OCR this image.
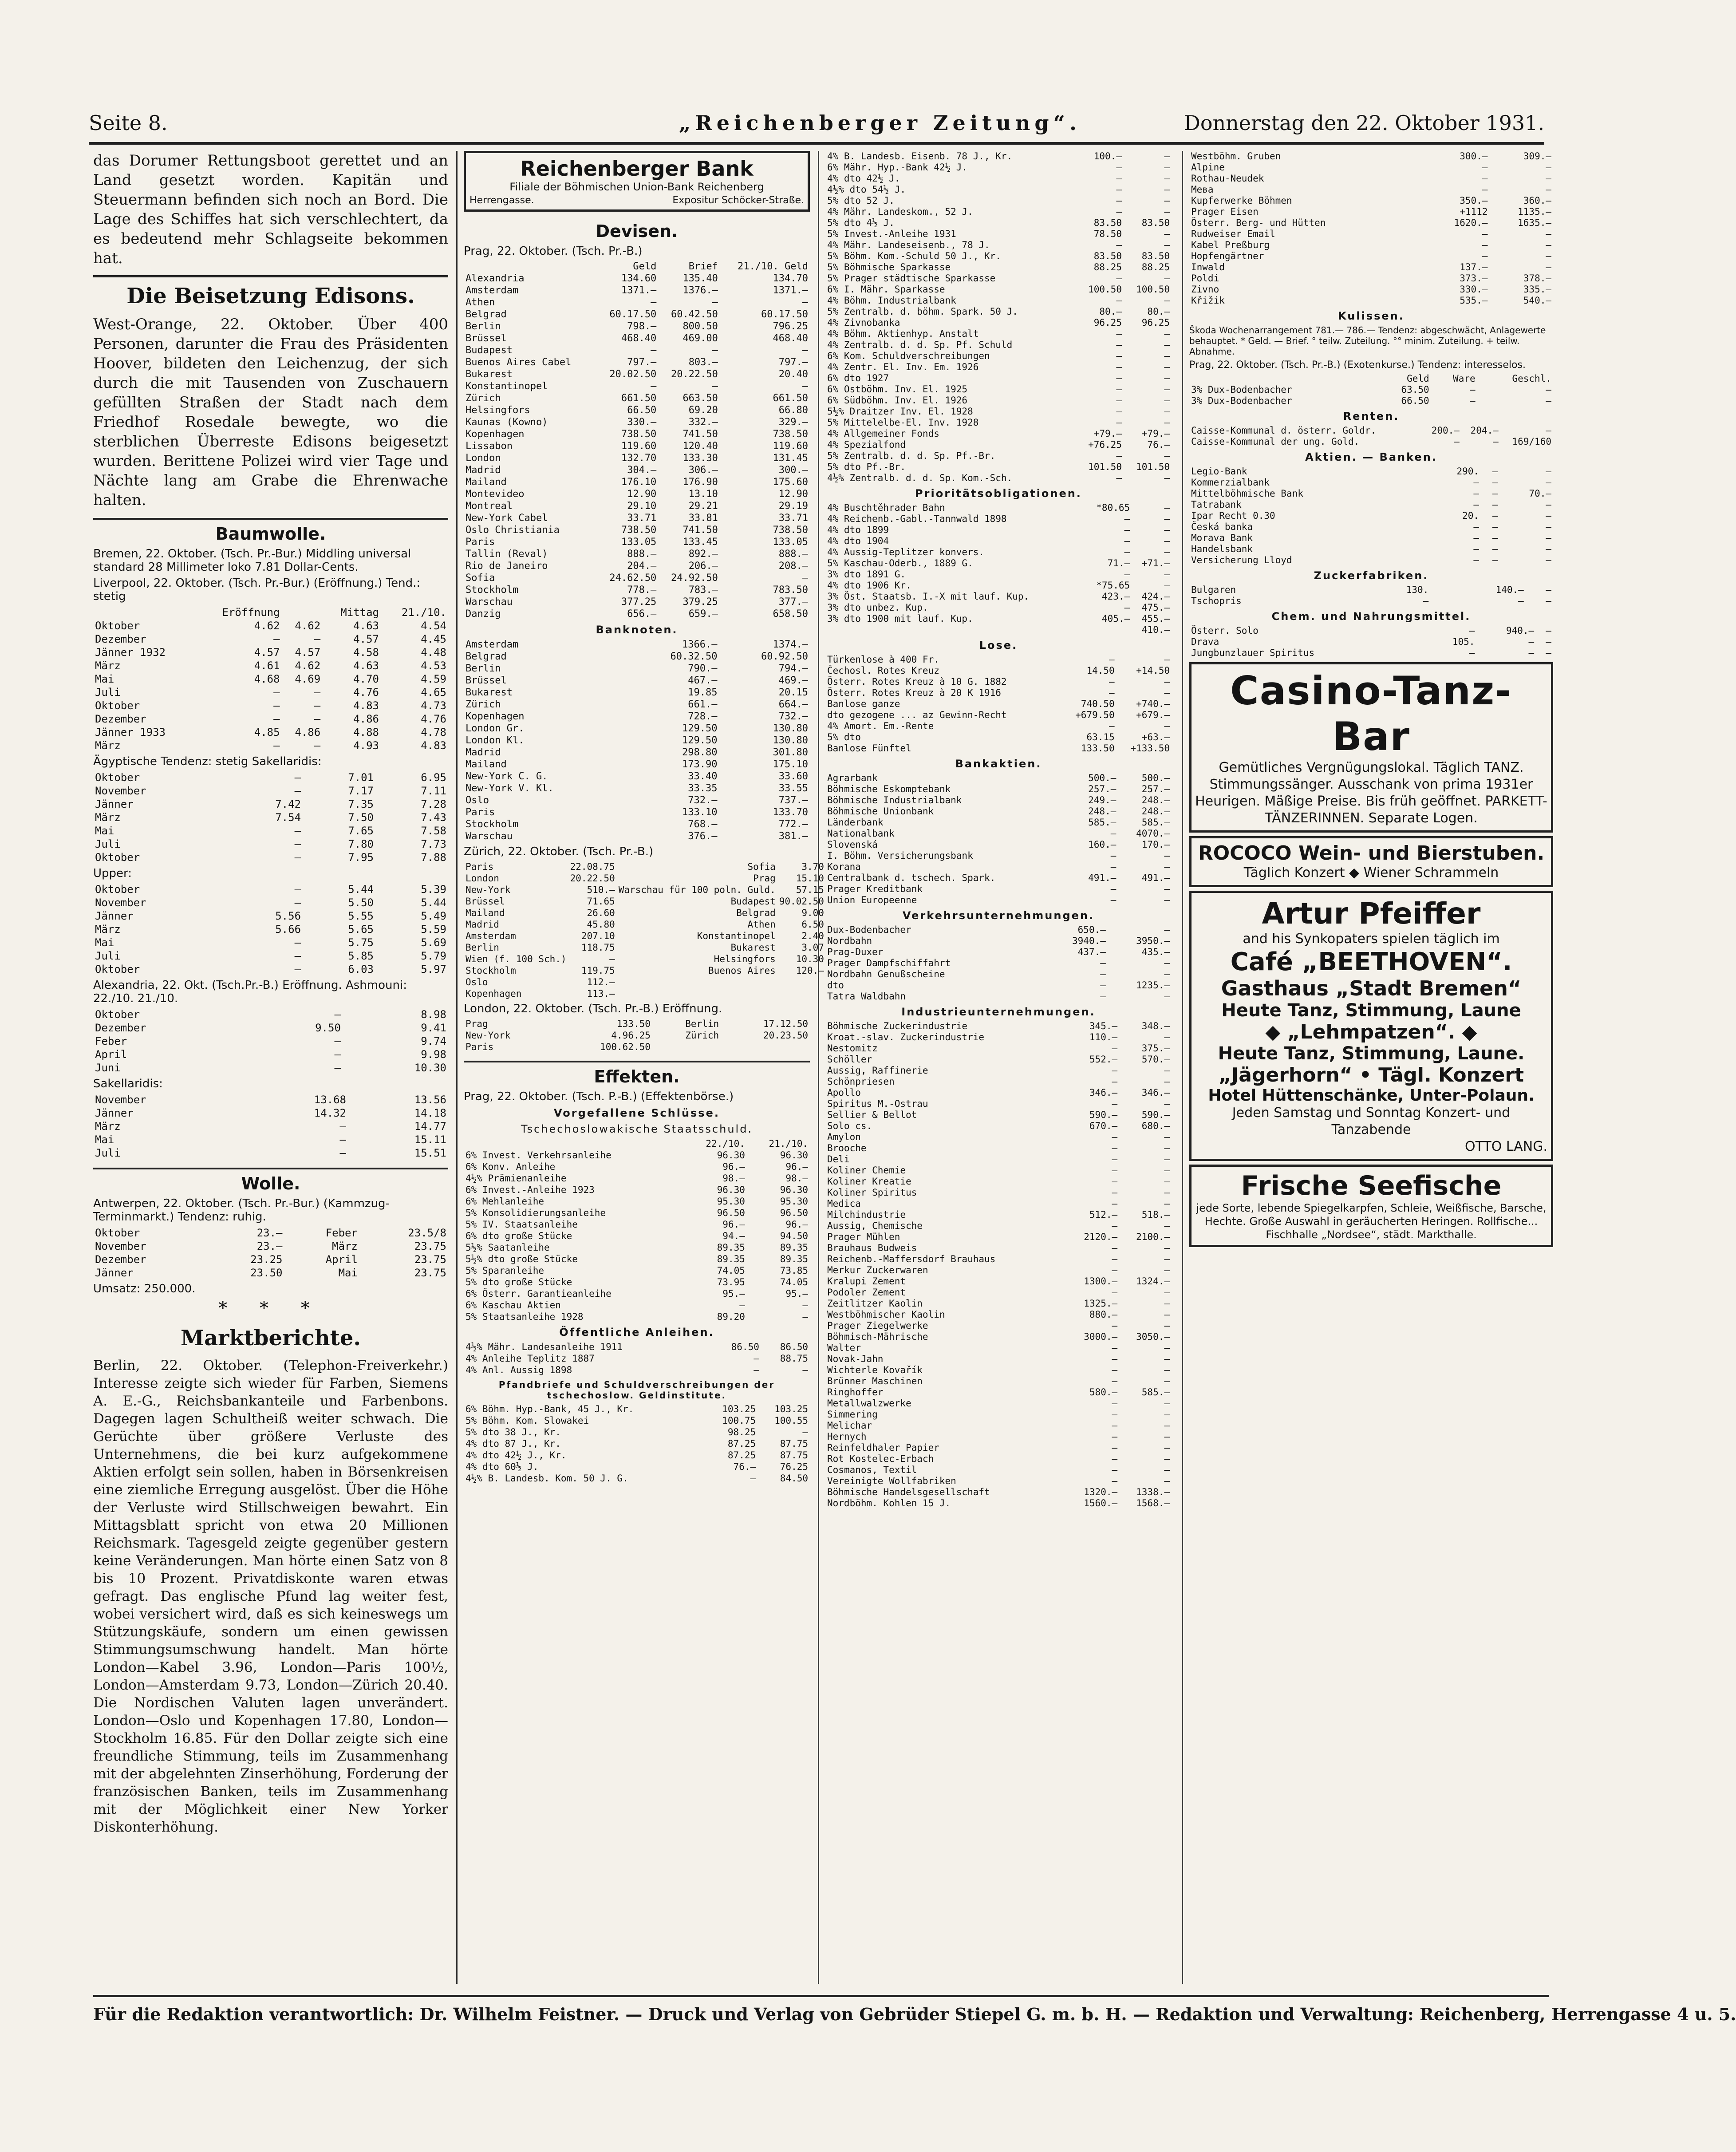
Seite 8.	„Reichenberger Zeitung“.	Donnerstag den 22. Oktober 1931.

das Dorumer Rettungsboot gerettet und an Land gesetzt worden. Kapitän und Steuermann befinden sich noch an Bord. Die Lage des Schiffes hat sich verschlechtert, da es bedeutend mehr Schlagseite bekommen hat.

Die Beisetzung Edisons.

West-Orange, 22. Oktober. Über 400 Personen, darunter die Frau des Präsidenten Hoover, bildeten den Leichenzug, der sich durch die mit Tausenden von Zuschauern gefüllten Straßen der Stadt nach dem Friedhof Rosedale bewegte, wo die sterblichen Überreste Edisons beigesetzt wurden. Berittene Polizei wird vier Tage und Nächte lang am Grabe die Ehrenwache halten.

Baumwolle.
Bremen, 22. Oktober. (Tsch. Pr.-Bur.) Middling universal standard 28 Millimeter loko 7.81 Dollar-Cents.
Liverpool, 22. Oktober. (Tsch. Pr.-Bur.) (Eröffnung.) Tend.: stetig
	Eröffnung		Mittag	21./10.
Oktober	4.62	4.62	4.63	4.54
Dezember	—	—	4.57	4.45
Jänner 1932	4.57	4.57	4.58	4.48
März	4.61	4.62	4.63	4.53
Mai	4.68	4.69	4.70	4.59
Juli	—	—	4.76	4.65
Oktober	—	—	4.83	4.73
Dezember	—	—	4.86	4.76
Jänner 1933	4.85	4.86	4.88	4.78
März	—	—	4.93	4.83
Ägyptische Tendenz: stetig Sakellaridis:
Oktober	—	7.01	6.95
November	—	7.17	7.11
Jänner	7.42	7.35	7.28
März	7.54	7.50	7.43
Mai	—	7.65	7.58
Juli	—	7.80	7.73
Oktober	—	7.95	7.88
Upper:
Oktober	—	5.44	5.39
November	—	5.50	5.44
Jänner	5.56	5.55	5.49
März	5.66	5.65	5.59
Mai	—	5.75	5.69
Juli	—	5.85	5.79
Oktober	—	6.03	5.97
Alexandria, 22. Okt. (Tsch.Pr.-B.) Eröffnung. Ashmouni: 22./10. 21./10.
Oktober	—	8.98
Dezember	9.50	9.41
Feber	—	9.74
April	—	9.98
Juni	—	10.30
Sakellaridis:
November	13.68	13.56
Jänner	14.32	14.18
März	—	14.77
Mai	—	15.11
Juli	—	15.51
Wolle.
Antwerpen, 22. Oktober. (Tsch. Pr.-Bur.) (Kammzug-Terminmarkt.) Tendenz: ruhig.
Oktober	23.—	Feber	23.5/8
November	23.—	März	23.75
Dezember	23.25	April	23.75
Jänner	23.50	Mai	23.75
Umsatz: 250.000.
* * *
Marktberichte.

Berlin, 22. Oktober. (Telephon-Freiverkehr.) Interesse zeigte sich wieder für Farben, Siemens A. E.-G., Reichsbankanteile und Farbenbons. Dagegen lagen Schultheiß weiter schwach. Die Gerüchte über größere Verluste des Unternehmens, die bei kurz aufgekommene Aktien erfolgt sein sollen, haben in Börsenkreisen eine ziemliche Erregung ausgelöst. Über die Höhe der Verluste wird Stillschweigen bewahrt. Ein Mittagsblatt spricht von etwa 20 Millionen Reichsmark. Tagesgeld zeigte gegenüber gestern keine Veränderungen. Man hörte einen Satz von 8 bis 10 Prozent. Privatdiskonte waren etwas gefragt. Das englische Pfund lag weiter fest, wobei versichert wird, daß es sich keineswegs um Stützungskäufe, sondern um einen gewissen Stimmungsumschwung handelt. Man hörte London—Kabel 3.96, London—Paris 100½, London—Amsterdam 9.73, London—Zürich 20.40. Die Nordischen Valuten lagen unverändert. London—Oslo und Kopenhagen 17.80, London—Stockholm 16.85. Für den Dollar zeigte sich eine freundliche Stimmung, teils im Zusammenhang mit der abgelehnten Zinserhöhung, Forderung der französischen Banken, teils im Zusammenhang mit der Möglichkeit einer New Yorker Diskonterhöhung.

Reichenberger Bank
Filiale der Böhmischen Union-Bank Reichenberg
Herrengasse.	Expositur Schöcker-Straße.
Devisen.
Prag, 22. Oktober. (Tsch. Pr.-B.)
	Geld	Brief	21./10. Geld
Alexandria	134.60	135.40	134.70
Amsterdam	1371.—	1376.—	1371.—
Athen	—	—	—
Belgrad	60.17.50	60.42.50	60.17.50
Berlin	798.—	800.50	796.25
Brüssel	468.40	469.00	468.40
Budapest	—	—	—
Buenos Aires Cabel	797.—	803.—	797.—
Bukarest	20.02.50	20.22.50	20.40
Konstantinopel	—	—	—
Zürich	661.50	663.50	661.50
Helsingfors	66.50	69.20	66.80
Kaunas (Kowno)	330.—	332.—	329.—
Kopenhagen	738.50	741.50	738.50
Lissabon	119.60	120.40	119.60
London	132.70	133.30	131.45
Madrid	304.—	306.—	300.—
Mailand	176.10	176.90	175.60
Montevideo	12.90	13.10	12.90
Montreal	29.10	29.21	29.19
New-York Cabel	33.71	33.81	33.71
Oslo Christiania	738.50	741.50	738.50
Paris	133.05	133.45	133.05
Tallin (Reval)	888.—	892.—	888.—
Rio de Janeiro	204.—	206.—	208.—
Sofia	24.62.50	24.92.50	—
Stockholm	778.—	783.—	783.50
Warschau	377.25	379.25	377.—
Danzig	656.—	659.—	658.50
Banknoten.
Amsterdam	1366.—	1374.—
Belgrad	60.32.50	60.92.50
Berlin	790.—	794.—
Brüssel	467.—	469.—
Bukarest	19.85	20.15
Zürich	661.—	664.—
Kopenhagen	728.—	732.—
London Gr.	129.50	130.80
London Kl.	129.50	130.80
Madrid	298.80	301.80
Mailand	173.90	175.10
New-York C. G.	33.40	33.60
New-York V. Kl.	33.35	33.55
Oslo	732.—	737.—
Paris	133.10	133.70
Stockholm	768.—	772.—
Warschau	376.—	381.—
Zürich, 22. Oktober. (Tsch. Pr.-B.)
Paris	22.08.75	Sofia	3.70
London	20.22.50	Prag	15.10
New-York	510.—	Warschau für 100 poln. Guld.	57.15
Brüssel	71.65	Budapest	90.02.50
Mailand	26.60	Belgrad	9.00
Madrid	45.80	Athen	6.50
Amsterdam	207.10	Konstantinopel	2.40
Berlin	118.75	Bukarest	3.07
Wien (f. 100 Sch.)	—	Helsingfors	10.30
Stockholm	119.75	Buenos Aires	120.—
Oslo	112.—		
Kopenhagen	113.—		
London, 22. Oktober. (Tsch. Pr.-B.) Eröffnung.
Prag	133.50	Berlin	17.12.50
New-York	4.96.25	Zürich	20.23.50
Paris	100.62.50		
Effekten.
Prag, 22. Oktober. (Tsch. P.-B.) (Effektenbörse.)
Vorgefallene Schlüsse.
Tschechoslowakische Staatsschuld.
	22./10.	21./10.
6% Invest. Verkehrsanleihe	96.30	96.30
6% Konv. Anleihe	96.—	96.—
4½% Prämienanleihe	98.—	98.—
6% Invest.-Anleihe 1923	96.30	96.30
6% Mehlanleihe	95.30	95.30
5% Konsolidierungsanleihe	96.50	96.50
5% IV. Staatsanleihe	96.—	96.—
6% dto große Stücke	94.—	94.50
5½% Saatanleihe	89.35	89.35
5½% dto große Stücke	89.35	89.35
5% Sparanleihe	74.05	73.85
5% dto große Stücke	73.95	74.05
6% Österr. Garantieanleihe	95.—	95.—
6% Kaschau Aktien	—	—
5% Staatsanleihe 1928	89.20	—
Öffentliche Anleihen.
4½% Mähr. Landesanleihe 1911	86.50	86.50
4% Anleihe Teplitz 1887	—	88.75
4% Anl. Aussig 1898	—	—
Pfandbriefe und Schuldverschreibungen der tschechoslow. Geldinstitute.
6% Böhm. Hyp.-Bank, 45 J., Kr.	103.25	103.25
5% Böhm. Kom. Slowakei	100.75	100.55
5% dto 38 J., Kr.	98.25	—
4% dto 87 J., Kr.	87.25	87.75
4% dto 42½ J., Kr.	87.25	87.75
4% dto 60½ J.	76.—	76.25
4½% B. Landesb. Kom. 50 J. G.	—	84.50
4% B. Landesb. Eisenb. 78 J., Kr.	100.—	—
6% Mähr. Hyp.-Bank 42½ J.	—	—
4% dto 42½ J.	—	—
4½% dto 54½ J.	—	—
5% dto 52 J.	—	—
4% Mähr. Landeskom., 52 J.	—	—
5% dto 4½ J.	83.50	83.50
5% Invest.-Anleihe 1931	78.50	—
4% Mähr. Landeseisenb., 78 J.	—	—
5% Böhm. Kom.-Schuld 50 J., Kr.	83.50	83.50
5% Böhmische Sparkasse	88.25	88.25
5% Prager städtische Sparkasse	—	—
6% I. Mähr. Sparkasse	100.50	100.50
4% Böhm. Industrialbank	—	—
5% Zentralb. d. böhm. Spark. 50 J.	80.—	80.—
4% Zivnobanka	96.25	96.25
4% Böhm. Aktienhyp. Anstalt	—	—
4% Zentralb. d. d. Sp. Pf. Schuld	—	—
6% Kom. Schuldverschreibungen	—	—
4% Zentr. El. Inv. Em. 1926	—	—
6% dto 1927	—	—
6% Ostböhm. Inv. El. 1925	—	—
6% Südböhm. Inv. El. 1926	—	—
5½% Draitzer Inv. El. 1928	—	—
5% Mittelelbe-El. Inv. 1928	—	—
4% Allgemeiner Fonds	+79.—	+79.—
4% Spezialfond	+76.25	76.—
5% Zentralb. d. d. Sp. Pf.-Br.	—	—
5% dto Pf.-Br.	101.50	101.50
4½% Zentralb. d. d. Sp. Kom.-Sch.	—	—
Prioritätsobligationen.
4% Buschtěhrader Bahn	*80.65	—
4% Reichenb.-Gabl.-Tannwald 1898	—	—
4% dto 1899	—	—
4% dto 1904	—	—
4% Aussig-Teplitzer konvers.	—	—
5% Kaschau-Oderb., 1889 G.	71.—	+71.—
3% dto 1891 G.	—	—
4% dto 1906 Kr.	*75.65	—
3% Öst. Staatsb. I.-X mit lauf. Kup.	423.—	424.—
3% dto unbez. Kup.	—	475.—
3% dto 1900 mit lauf. Kup.	405.—	455.—
		410.—
Lose.
Türkenlose à 400 Fr.	—	—
Čechosl. Rotes Kreuz	14.50	+14.50
Österr. Rotes Kreuz à 10 G. 1882	—	—
Österr. Rotes Kreuz à 20 K 1916	—	—
Banlose ganze	740.50	+740.—
dto gezogene ... az Gewinn-Recht	+679.50	+679.—
4% Amort. Em.-Rente	—	—
5% dto	63.15	+63.—
Banlose Fünftel	133.50	+133.50
Bankaktien.
Agrarbank	500.—	500.—
Böhmische Eskomptebank	257.—	257.—
Böhmische Industrialbank	249.—	248.—
Böhmische Unionbank	248.—	248.—
Länderbank	585.—	585.—
Nationalbank	—	4070.—
Slovenská	160.—	170.—
I. Böhm. Versicherungsbank	—	—
Korana	—	—
Centralbank d. tschech. Spark.	491.—	491.—
Prager Kreditbank	—	—
Union Europeenne	—	—
Verkehrsunternehmungen.
Dux-Bodenbacher	650.—	—
Nordbahn	3940.—	3950.—
Prag-Duxer	437.—	435.—
Prager Dampfschiffahrt	—	—
Nordbahn Genußscheine	—	—
dto	—	1235.—
Tatra Waldbahn	—	—
Industrieunternehmungen.
Böhmische Zuckerindustrie	345.—	348.—
Kroat.-slav. Zuckerindustrie	110.—	—
Nestomitz	—	375.—
Schöller	552.—	570.—
Aussig, Raffinerie	—	—
Schönpriesen	—	—
Apollo	346.—	346.—
Spiritus M.-Ostrau	—	—
Sellier & Bellot	590.—	590.—
Solo cs.	670.—	680.—
Amylon	—	—
Brooche	—	—
Deli	—	—
Koliner Chemie	—	—
Koliner Kreatie	—	—
Koliner Spiritus	—	—
Medica	—	—
Milchindustrie	512.—	518.—
Aussig, Chemische	—	—
Prager Mühlen	2120.—	2100.—
Brauhaus Budweis	—	—
Reichenb.-Maffersdorf Brauhaus	—	—
Merkur Zuckerwaren	—	—
Kralupi Zement	1300.—	1324.—
Podoler Zement	—	—
Zeitlitzer Kaolin	1325.—	—
Westböhmischer Kaolin	880.—	—
Prager Ziegelwerke	—	—
Böhmisch-Mährische	3000.—	3050.—
Walter	—	—
Novak-Jahn	—	—
Wichterle Kovařík	—	—
Brünner Maschinen	—	—
Ringhoffer	580.—	585.—
Metallwalzwerke	—	—
Simmering	—	—
Melichar	—	—
Hernych	—	—
Reinfeldhaler Papier	—	—
Rot Kostelec-Erbach	—	—
Cosmanos, Textil	—	—
Vereinigte Wollfabriken	—	—
Böhmische Handelsgesellschaft	1320.—	1338.—
Nordböhm. Kohlen 15 J.	1560.—	1568.—
Westböhm. Gruben	300.—	309.—
Alpine	—	—
Rothau-Neudek	—	—
Mева	—	—
Kupferwerke Böhmen	350.—	360.—
Prager Eisen	+1112	1135.—
Österr. Berg- und Hütten	1620.—	1635.—
Rudweiser Email	—	—
Kabel Preßburg	—	—
Hopfengärtner	—	—
Inwald	137.—	—
Poldi	373.—	378.—
Zivno	330.—	335.—
Křižik	535.—	540.—
Kulissen.
Škoda Wochenarrangement 781.— 786.— Tendenz: abgeschwächt, Anlagewerte behauptet. * Geld. — Brief. ° teilw. Zuteilung. °° minim. Zuteilung. + teilw. Abnahme.
Prag, 22. Oktober. (Tsch. Pr.-B.) (Exotenkurse.) Tendenz: interesselos.
	Geld	Ware	Geschl.
3% Dux-Bodenbacher	63.50	—	—
3% Dux-Bodenbacher	66.50	—	—
Renten.
Caisse-Kommunal d. österr. Goldr.	200.—	204.—	—
Caisse-Kommunal der ung. Gold.	—	—	169/160
Aktien. — Banken.
Legio-Bank	290.	—	—
Kommerzialbank	—	—	—
Mittelböhmische Bank	—	—	70.—
Tatrabank	—	—	—
Ipar Recht 0.30	20.	—	—
Česká banka	—	—	—
Morava Bank	—	—	—
Handelsbank	—	—	—
Versicherung Lloyd	—	—	—
Zuckerfabriken.
Bulgaren	130.	140.—	—
Tschopris	—	—	—
Chem. und Nahrungsmittel.
Österr. Solo	—	940.—	—
Drava	105.	—	—
Jungbunzlauer Spiritus	—	—	—
Casino-Tanz-Bar
Gemütliches Vergnügungslokal. Täglich TANZ. Stimmungssänger. Ausschank von prima 1931er Heurigen. Mäßige Preise. Bis früh geöffnet. PARKETT-TÄNZERINNEN. Separate Logen.
ROCOCO Wein- und Bierstuben.
Täglich Konzert ◆ Wiener Schrammeln
Artur Pfeiffer
and his Synkopaters spielen täglich im
Café „BEETHOVEN“.
Gasthaus „Stadt Bremen“
Heute Tanz, Stimmung, Laune
◆ „Lehmpatzen“. ◆
Heute Tanz, Stimmung, Laune.
„Jägerhorn“ • Tägl. Konzert
Hotel Hüttenschänke, Unter-Polaun.
Jeden Samstag und Sonntag Konzert- und Tanzabende
OTTO LANG.
Frische Seefische
jede Sorte, lebende Spiegelkarpfen, Schleie, Weißfische, Barsche, Hechte. Große Auswahl in geräucherten Heringen. Rollfische... Fischhalle „Nordsee“, städt. Markthalle.
Für die Redaktion verantwortlich: Dr. Wilhelm Feistner. — Druck und Verlag von Gebrüder Stiepel G. m. b. H. — Redaktion und Verwaltung: Reichenberg, Herrengasse 4 u. 5.
